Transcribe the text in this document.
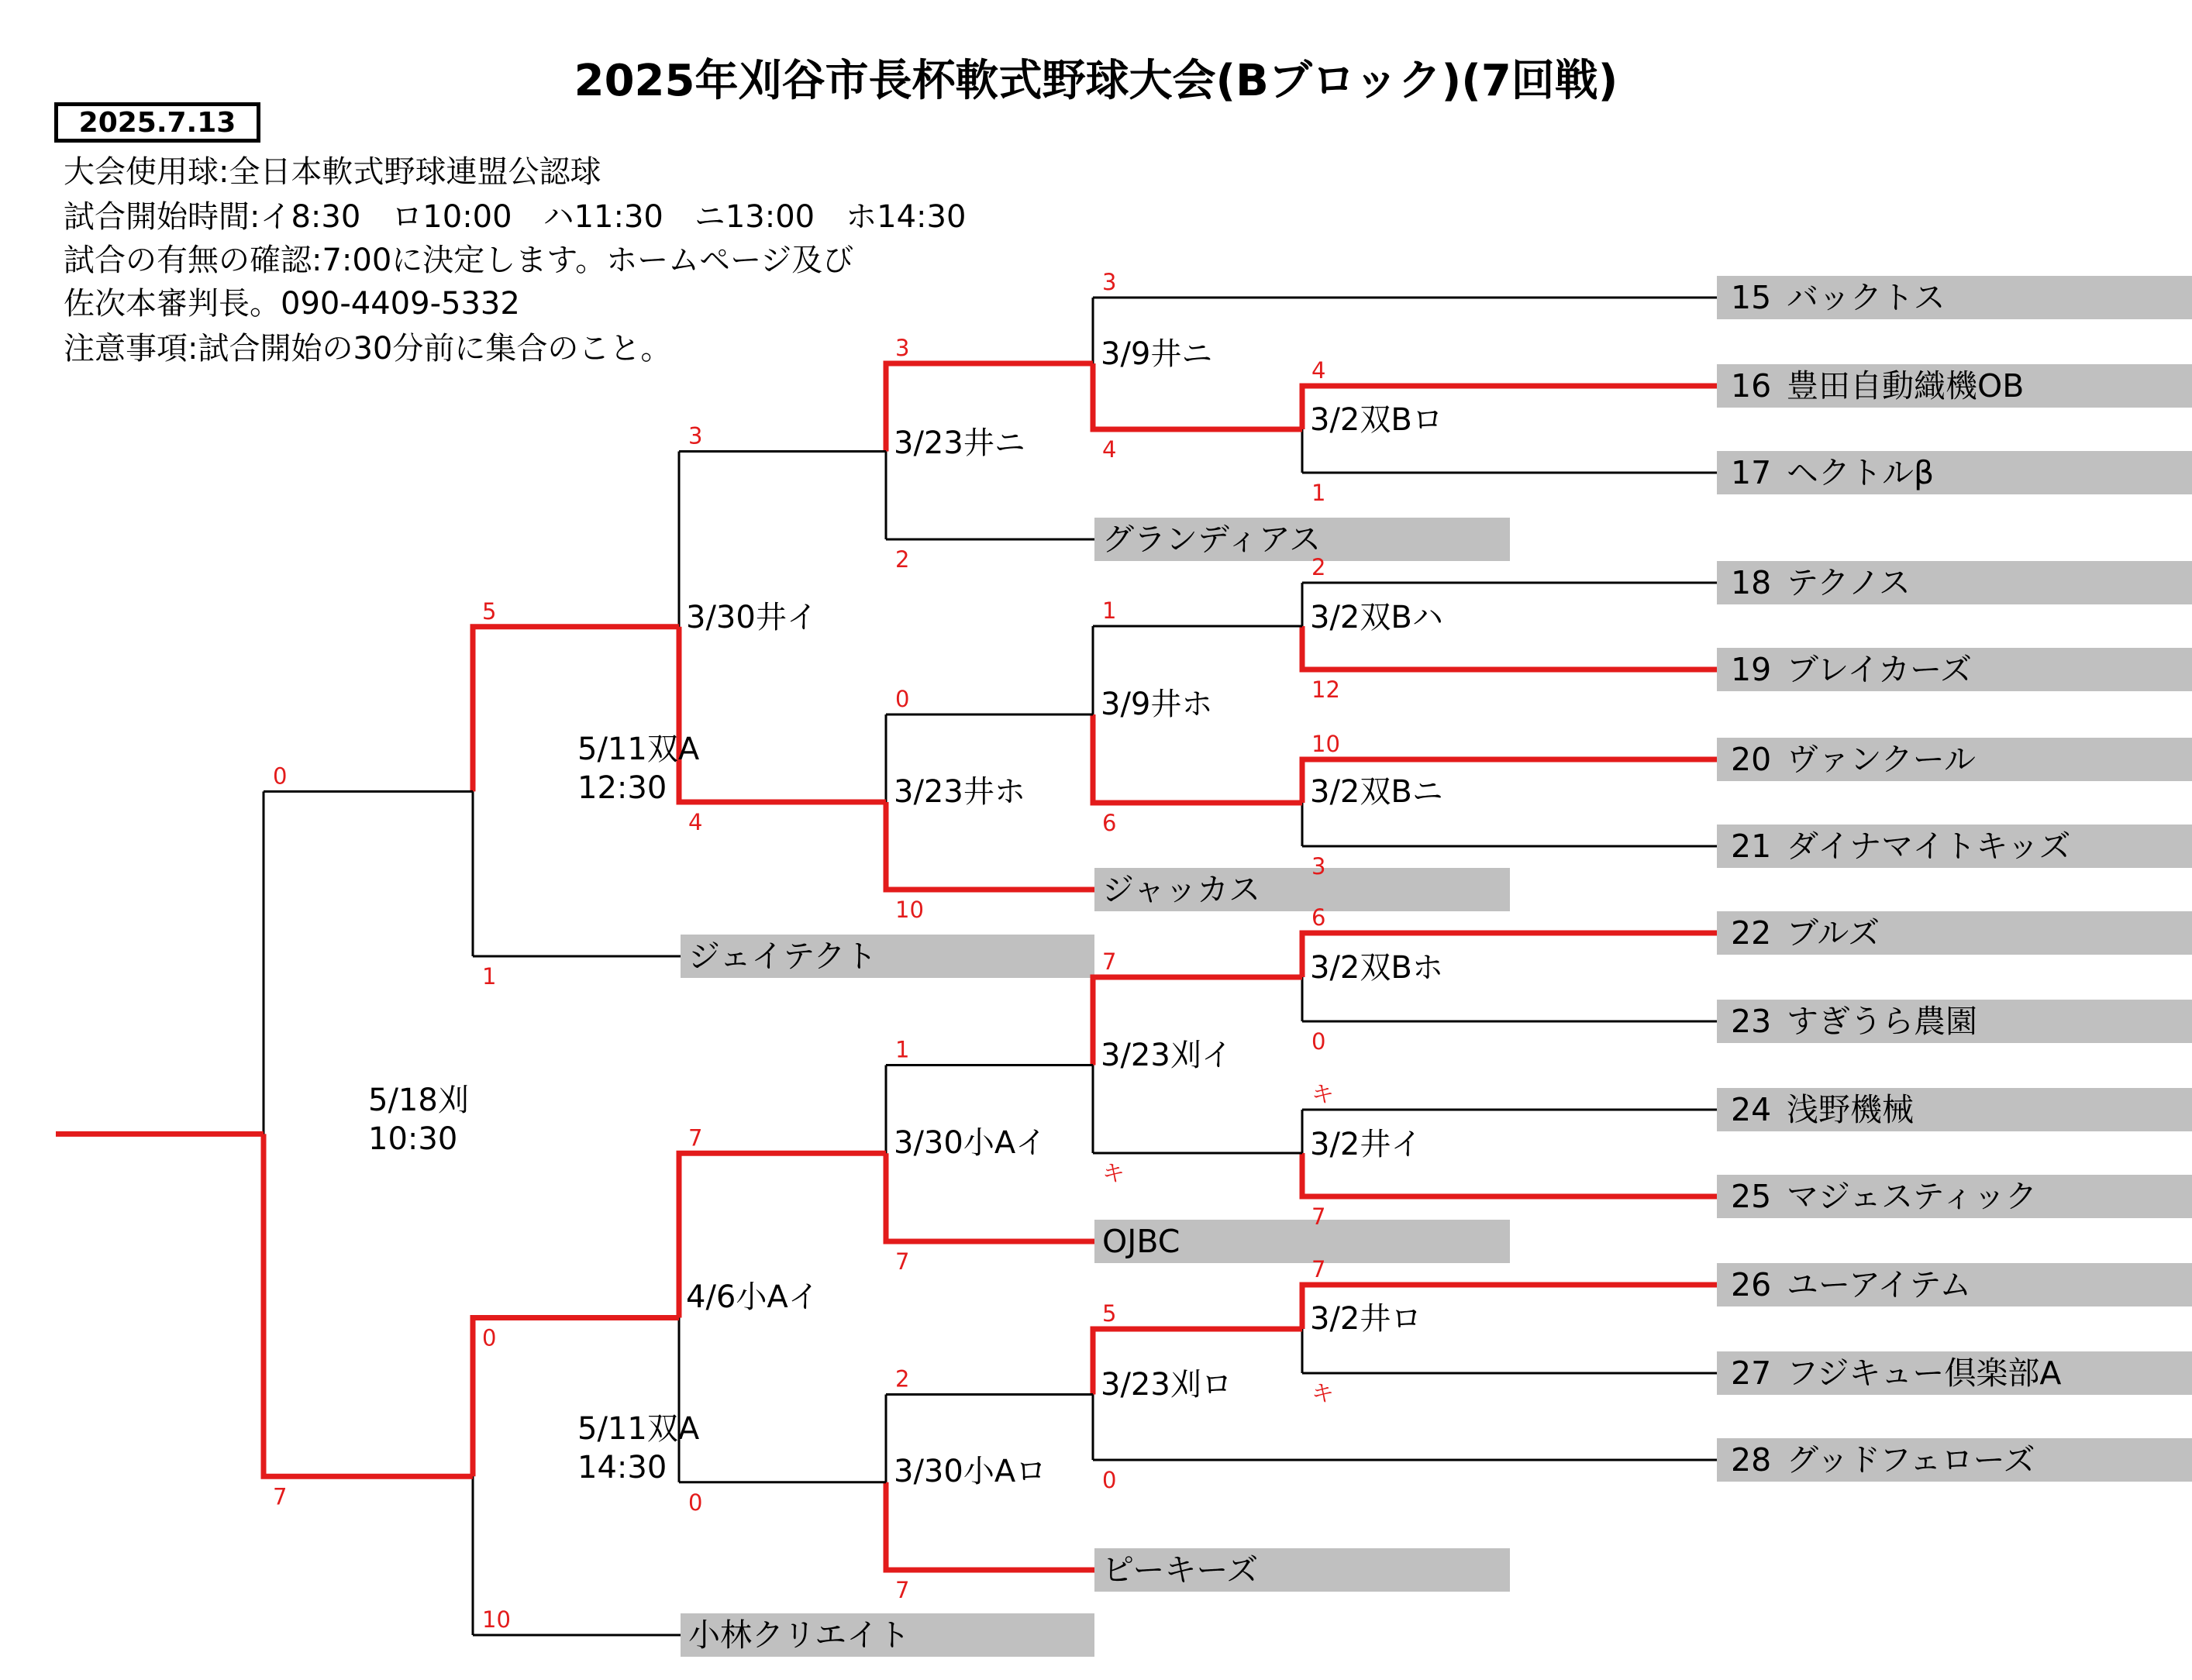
2025年刈谷市長杯軟式野球大会(Bブロック)(7回戦)
2025.7.13
大会使用球:全日本軟式野球連盟公認球
試合開始時間:イ8:30　ロ10:00　ハ11:30　ニ13:00　ホ14:30
試合の有無の確認:7:00に決定します。ホームページ及び
佐次本審判長。090-4409-5332
注意事項:試合開始の30分前に集合のこと。
15 バックトス
16 豊田自動織機OB
17 ヘクトルβ
18 テクノス
19 ブレイカーズ
20 ヴァンクール
21 ダイナマイトキッズ
22 ブルズ
23 すぎうら農園
24 浅野機械
25 マジェスティック
26 ユーアイテム
27 フジキュー倶楽部A
28 グッドフェローズ
グランディアス
ジャッカス
OJBC
ピーキーズ
ジェイテクト
小林クリエイト
4
1
3/2双Bロ
2
12
3/2双Bハ
10
3
3/2双Bニ
6
0
3/2双Bホ
キ
7
3/2井イ
7
キ
3/2井ロ
3
4
3/9井ニ
1
6
3/9井ホ
7
キ
3/23刈イ
5
0
3/23刈ロ
3
2
3/23井ニ
0
10
3/23井ホ
1
7
3/30小Aイ
2
7
3/30小Aロ
3
4
3/30井イ
7
0
4/6小Aイ
5
1
5/11双A
12:30
10
0
5/11双A
14:30
0
7
5/18刈
10:30
